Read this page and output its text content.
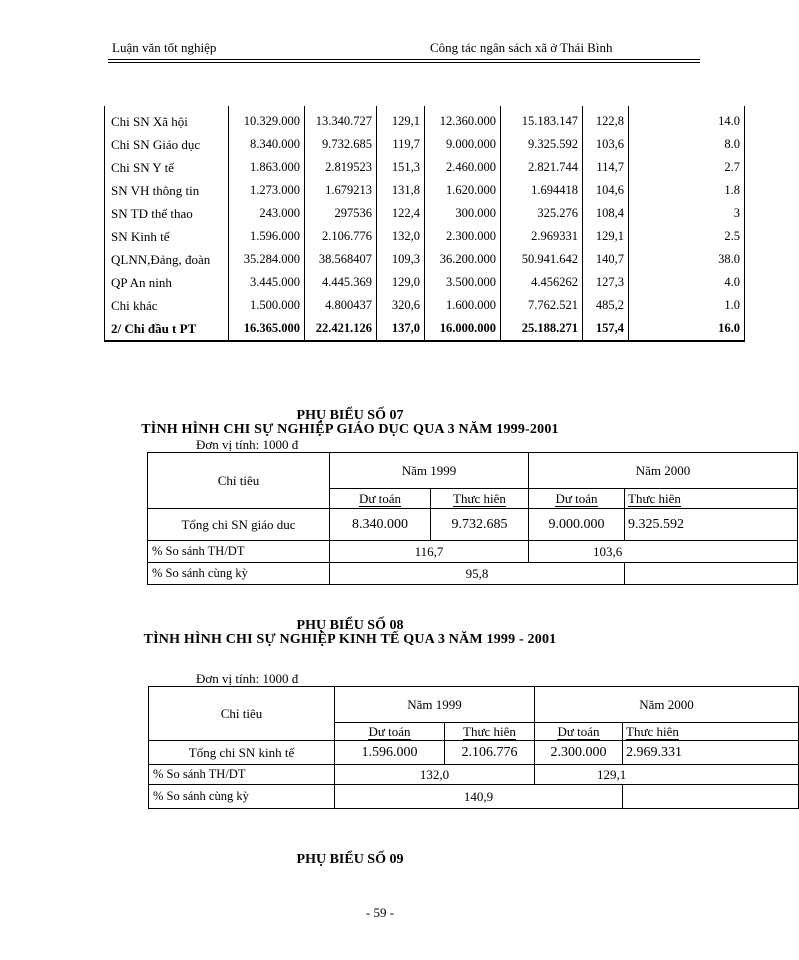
Luận văn tốt nghiệp	Công tác ngân sách xã ở Thái Bình
Chi SN Xã hội	10.329.000	13.340.727	129,1	12.360.000	15.183.147	122,8	14.0
Chi SN Giáo dục	8.340.000	9.732.685	119,7	9.000.000	9.325.592	103,6	8.0
Chi SN Y tế	1.863.000	2.819523	151,3	2.460.000	2.821.744	114,7	2.7
SN VH thông tin	1.273.000	1.679213	131,8	1.620.000	1.694418	104,6	1.8
SN TD thể thao	243.000	297536	122,4	300.000	325.276	108,4	3
SN Kinh tế	1.596.000	2.106.776	132,0	2.300.000	2.969331	129,1	2.5
QLNN,Đảng, đoàn	35.284.000	38.568407	109,3	36.200.000	50.941.642	140,7	38.0
QP An ninh	3.445.000	4.445.369	129,0	3.500.000	4.456262	127,3	4.0
Chi khác	1.500.000	4.800437	320,6	1.600.000	7.762.521	485,2	1.0
2/ Chi đầu t PT	16.365.000	22.421.126	137,0	16.000.000	25.188.271	157,4	16.0
PHỤ BIỂU SỐ 07
TÌNH HÌNH CHI SỰ NGHIỆP GIÁO DỤC QUA 3 NĂM 1999-2001
Đơn vị tính: 1000 đ
Chỉ tiêu	Năm 1999		Năm 2000	
	Dư toán	Thưc hiên	Dư toán	Thưc hiên
Tổng chi SN giáo duc	8.340.000	9.732.685	9.000.000	9.325.592
% So sánh TH/DT	116,7		103,6	
% So sánh cùng kỳ	95,8			
PHỤ BIỂU SỐ 08
TÌNH HÌNH CHI SỰ NGHIỆP KINH TẾ QUA 3 NĂM 1999 - 2001
Đơn vị tính: 1000 đ
Chỉ tiêu	Năm 1999		Năm 2000	
	Dư toán	Thưc hiên	Dư toán	Thưc hiên
Tổng chi SN kinh tế	1.596.000	2.106.776	2.300.000	2.969.331
% So sánh TH/DT	132,0		129,1	
% So sánh cùng kỳ	140,9			
PHỤ BIỂU SỐ 09
- 59 -
